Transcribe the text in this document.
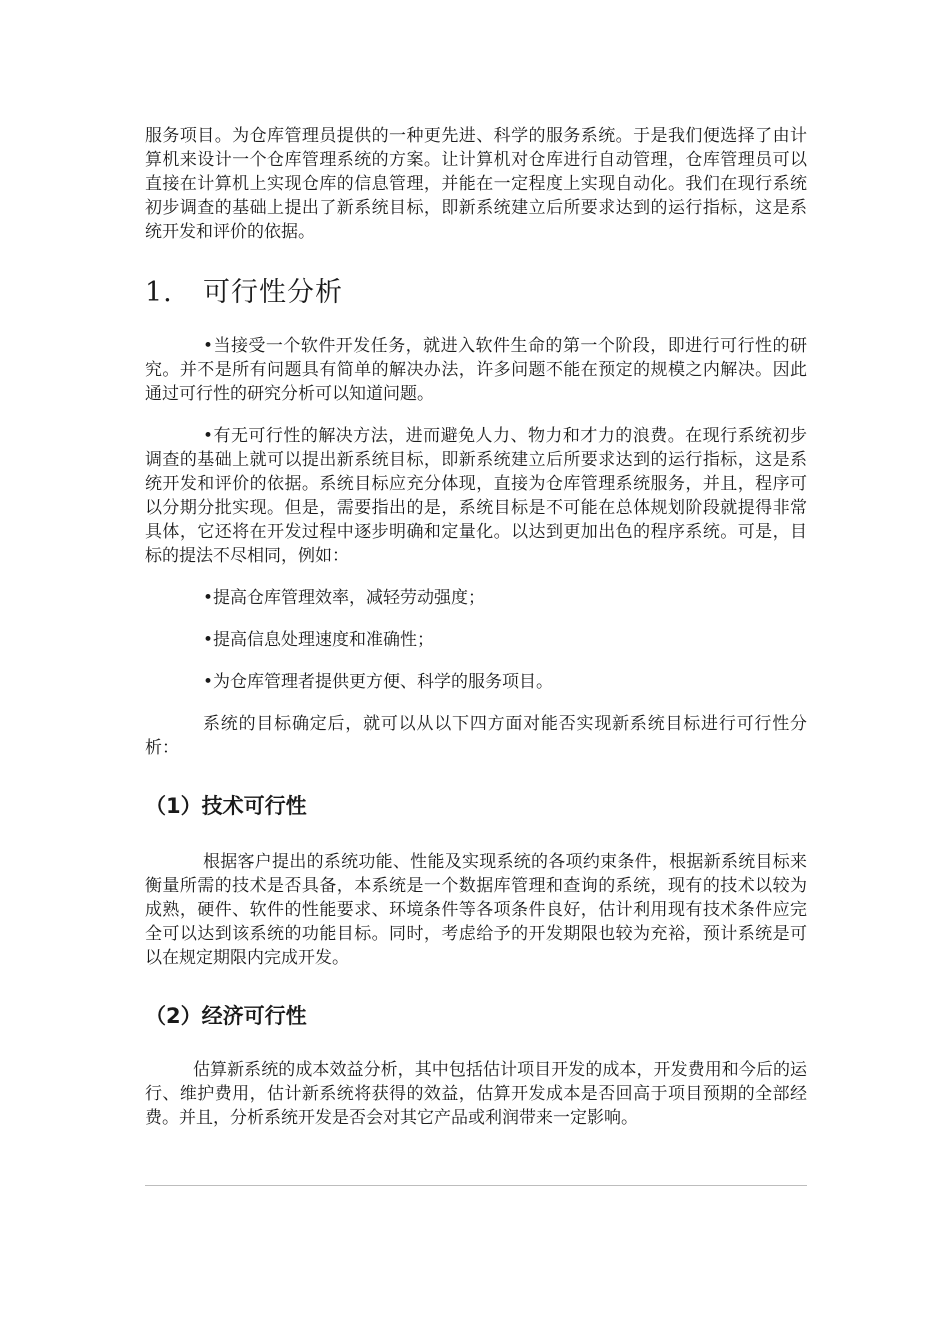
服务项目。为仓库管理员提供的一种更先进、科学的服务系统。于是我们便选择了由计算机来设计一个仓库管理系统的方案。让计算机对仓库进行自动管理，仓库管理员可以直接在计算机上实现仓库的信息管理，并能在一定程度上实现自动化。我们在现行系统初步调查的基础上提出了新系统目标，即新系统建立后所要求达到的运行指标，这是系统开发和评价的依据。

1. 可行性分析

•当接受一个软件开发任务，就进入软件生命的第一个阶段，即进行可行性的研究。并不是所有问题具有简单的解决办法，许多问题不能在预定的规模之内解决。因此通过可行性的研究分析可以知道问题。

•有无可行性的解决方法，进而避免人力、物力和才力的浪费。在现行系统初步调查的基础上就可以提出新系统目标，即新系统建立后所要求达到的运行指标，这是系统开发和评价的依据。系统目标应充分体现，直接为仓库管理系统服务，并且，程序可以分期分批实现。但是，需要指出的是，系统目标是不可能在总体规划阶段就提得非常具体，它还将在开发过程中逐步明确和定量化。以达到更加出色的程序系统。可是，目标的提法不尽相同，例如：

•提高仓库管理效率，减轻劳动强度；

•提高信息处理速度和准确性；

•为仓库管理者提供更方便、科学的服务项目。

系统的目标确定后，就可以从以下四方面对能否实现新系统目标进行可行性分析：

（1）技术可行性

根据客户提出的系统功能、性能及实现系统的各项约束条件，根据新系统目标来衡量所需的技术是否具备，本系统是一个数据库管理和查询的系统，现有的技术以较为成熟，硬件、软件的性能要求、环境条件等各项条件良好，估计利用现有技术条件应完全可以达到该系统的功能目标。同时，考虑给予的开发期限也较为充裕，预计系统是可以在规定期限内完成开发。

（2）经济可行性

估算新系统的成本效益分析，其中包括估计项目开发的成本，开发费用和今后的运行、维护费用，估计新系统将获得的效益，估算开发成本是否回高于项目预期的全部经费。并且，分析系统开发是否会对其它产品或利润带来一定影响。
